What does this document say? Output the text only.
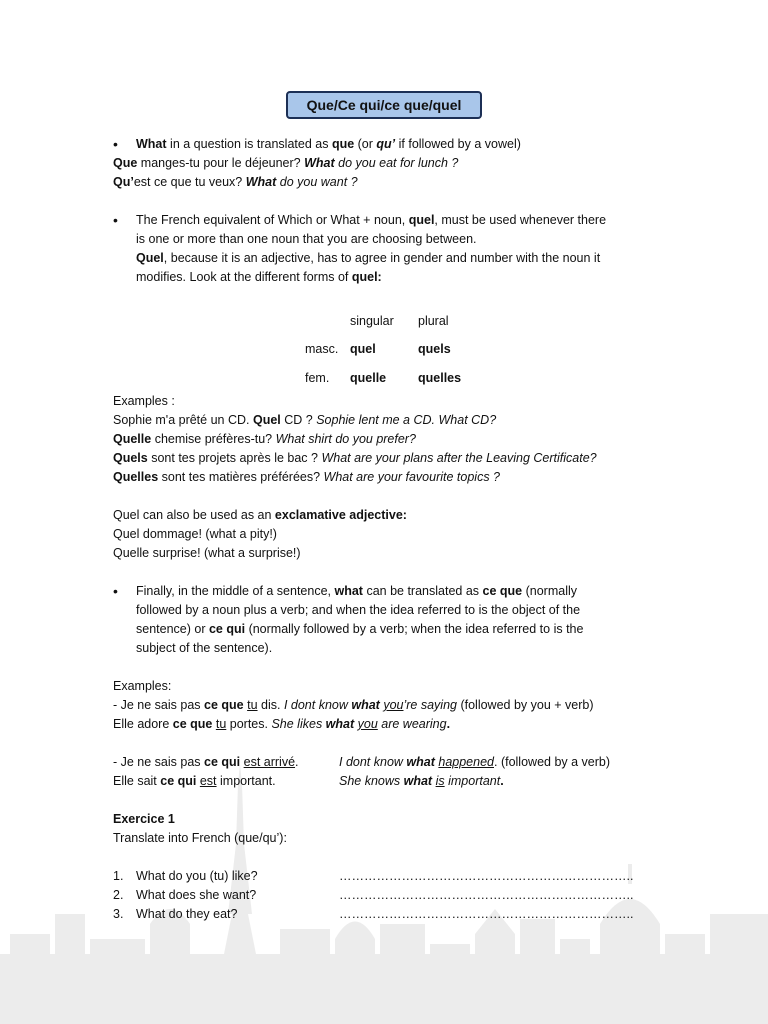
Que/Ce qui/ce que/quel
• What in a question is translated as que (or qu’ if followed by a vowel)
Que manges-tu pour le déjeuner? What do you eat for lunch ?
Qu’est ce que tu veux? What do you want ?
• The French equivalent of Which or What + noun, quel, must be used whenever there
is one or more than one noun that you are choosing between.
Quel, because it is an adjective, has to agree in gender and number with the noun it
modifies. Look at the different forms of quel:
singular plural
masc. quel	quels
fem. quelle	quelles
Examples :
Sophie m'a prêté un CD. Quel CD ? Sophie lent me a CD. What CD?
Quelle chemise préfères-tu? What shirt do you prefer?
Quels sont tes projets après le bac ? What are your plans after the Leaving Certificate?
Quelles sont tes matières préférées? What are your favourite topics ?
Quel can also be used as an exclamative adjective:
Quel dommage! (what a pity!)
Quelle surprise! (what a surprise!)
• Finally, in the middle of a sentence, what can be translated as ce que (normally
followed by a noun plus a verb; and when the idea referred to is the object of the
sentence) or ce qui (normally followed by a verb; when the idea referred to is the
subject of the sentence).
Examples:
- Je ne sais pas ce que tu dis. I dont know what you’re saying (followed by you + verb)
Elle adore ce que tu portes. She likes what you are wearing.
- Je ne sais pas ce qui est arrivé.	I dont know what happened. (followed by a verb)
Elle sait ce qui est important.	She knows what is important.
Exercice 1
Translate into French (que/qu’):
1. What do you (tu) like?	……………………………………………………………..
2. What does she want?	……………………………………………………………..
3. What do they eat?	……………………………………………………………..
